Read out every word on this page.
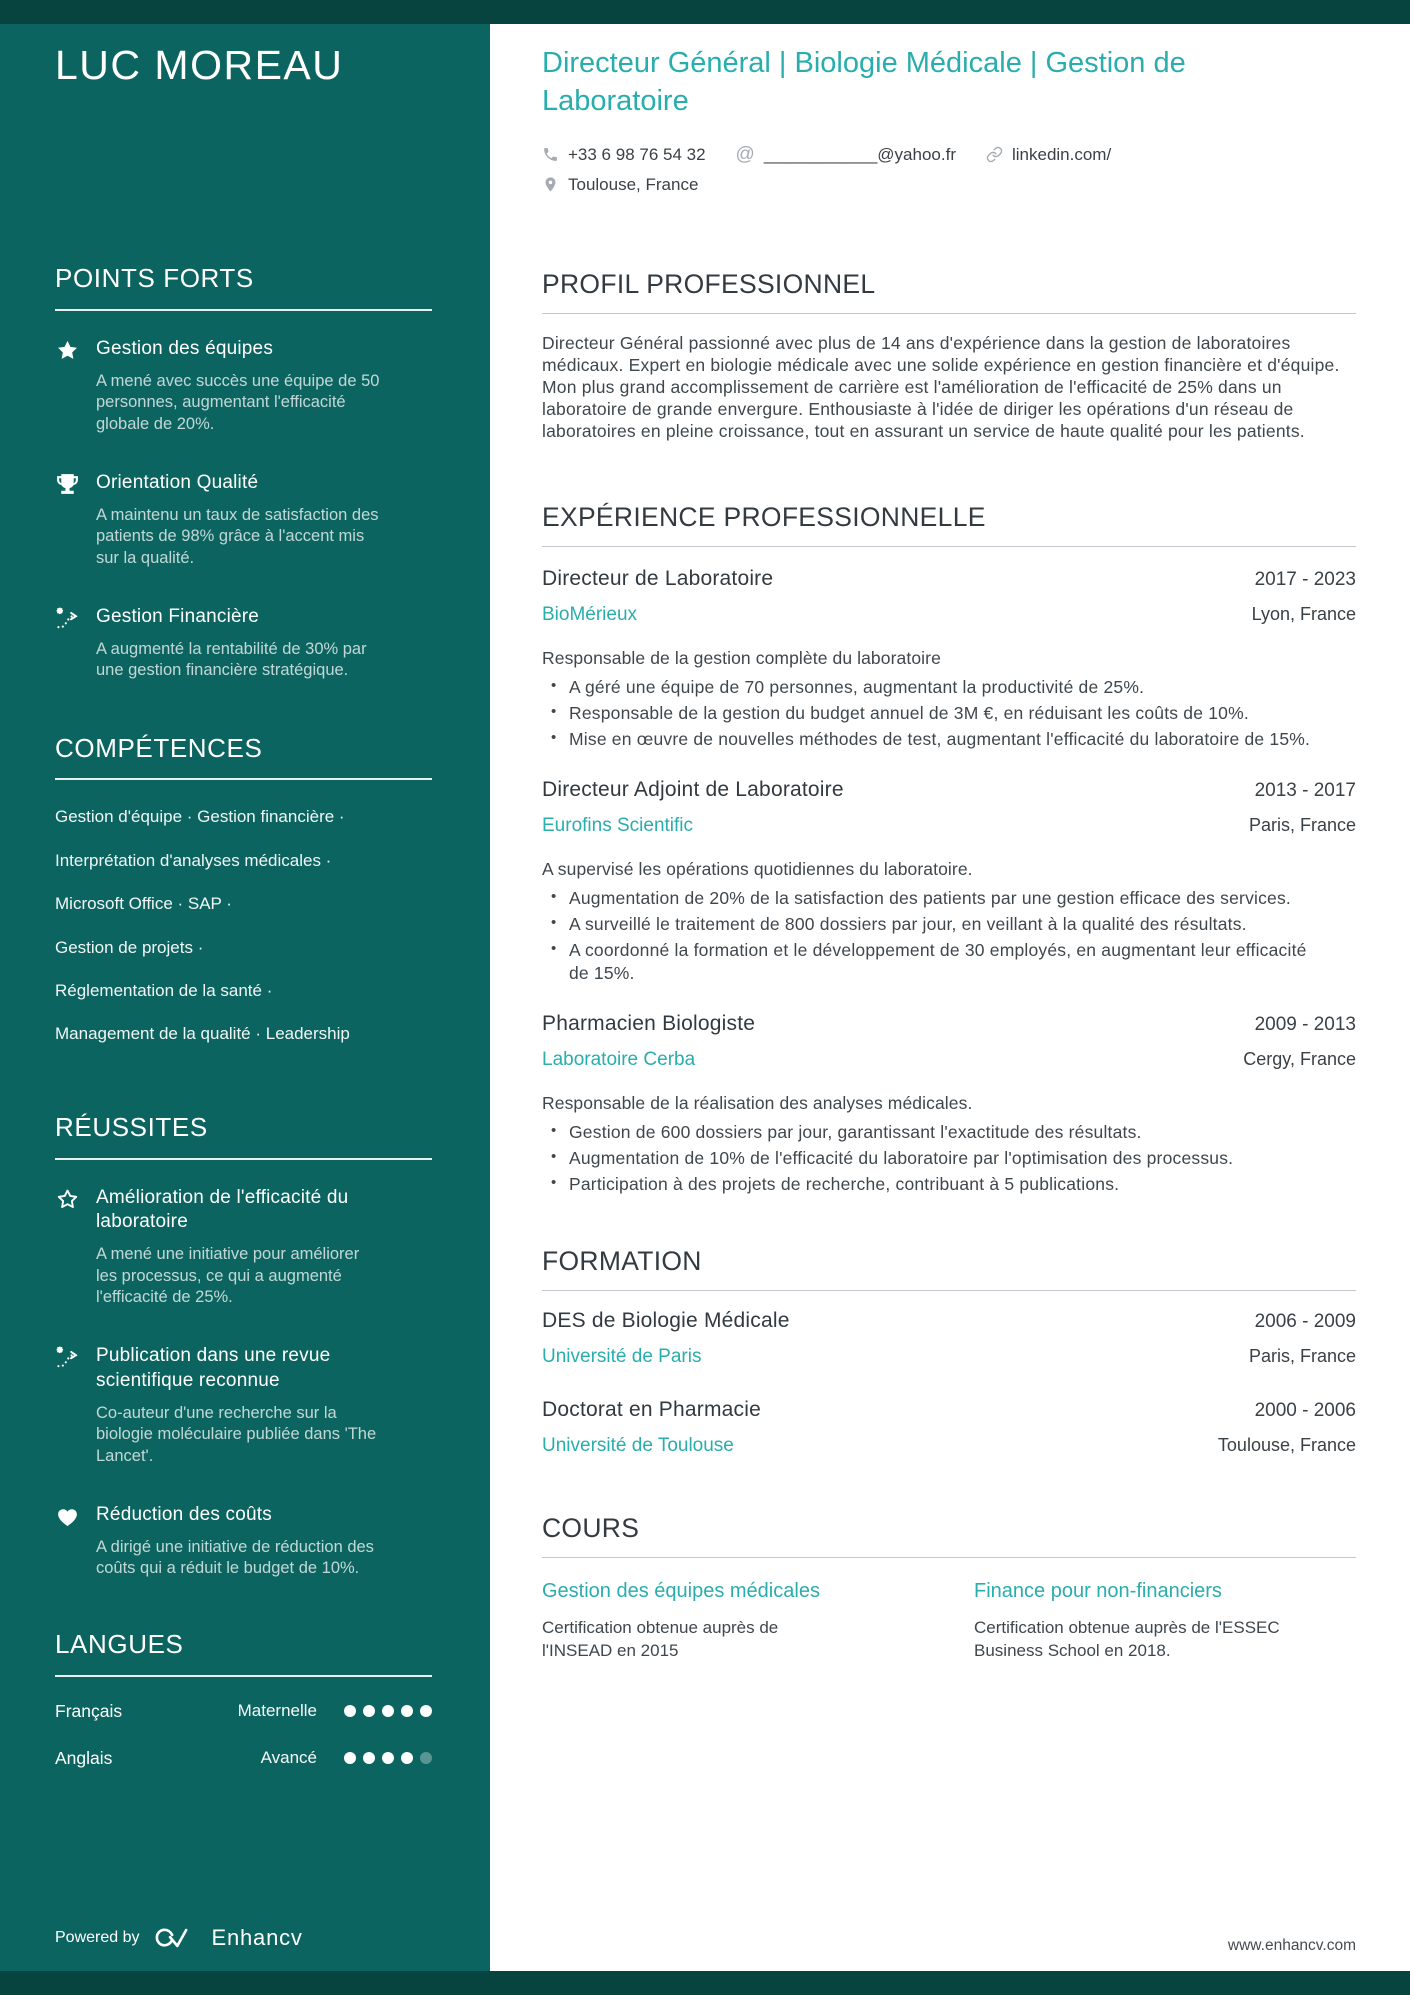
LUC MOREAU
POINTS FORTS
Gestion des équipes
A mené avec succès une équipe de 50 personnes, augmentant l'efficacité globale de 20%.
Orientation Qualité
A maintenu un taux de satisfaction des patients de 98% grâce à l'accent mis sur la qualité.
Gestion Financière
A augmenté la rentabilité de 30% par une gestion financière stratégique.
COMPÉTENCES
Gestion d'équipe · Gestion financière ·
Interprétation d'analyses médicales ·
Microsoft Office · SAP ·
Gestion de projets ·
Réglementation de la santé ·
Management de la qualité · Leadership
RÉUSSITES
Amélioration de l'efficacité du laboratoire
A mené une initiative pour améliorer les processus, ce qui a augmenté l'efficacité de 25%.
Publication dans une revue scientifique reconnue
Co-auteur d'une recherche sur la biologie moléculaire publiée dans 'The Lancet'.
Réduction des coûts
A dirigé une initiative de réduction des coûts qui a réduit le budget de 10%.
LANGUES
Français	Maternelle
Anglais	Avancé
Powered by	Enhancv
Directeur Général | Biologie Médicale | Gestion de Laboratoire
+33 6 98 76 54 32 @ ____________@yahoo.fr	linkedin.com/
Toulouse, France
PROFIL PROFESSIONNEL

Directeur Général passionné avec plus de 14 ans d'expérience dans la gestion de laboratoires médicaux. Expert en biologie médicale avec une solide expérience en gestion financière et d'équipe. Mon plus grand accomplissement de carrière est l'amélioration de l'efficacité de 25% dans un laboratoire de grande envergure. Enthousiaste à l'idée de diriger les opérations d'un réseau de laboratoires en pleine croissance, tout en assurant un service de haute qualité pour les patients.

EXPÉRIENCE PROFESSIONNELLE
Directeur de Laboratoire	2017 - 2023
BioMérieux	Lyon, France
Responsable de la gestion complète du laboratoire
• A géré une équipe de 70 personnes, augmentant la productivité de 25%.
• Responsable de la gestion du budget annuel de 3M €, en réduisant les coûts de 10%.
• Mise en œuvre de nouvelles méthodes de test, augmentant l'efficacité du laboratoire de 15%.
Directeur Adjoint de Laboratoire	2013 - 2017
Eurofins Scientific	Paris, France
A supervisé les opérations quotidiennes du laboratoire.
• Augmentation de 20% de la satisfaction des patients par une gestion efficace des services.
• A surveillé le traitement de 800 dossiers par jour, en veillant à la qualité des résultats.
• A coordonné la formation et le développement de 30 employés, en augmentant leur efficacité de 15%.
Pharmacien Biologiste	2009 - 2013
Laboratoire Cerba	Cergy, France
Responsable de la réalisation des analyses médicales.
• Gestion de 600 dossiers par jour, garantissant l'exactitude des résultats.
• Augmentation de 10% de l'efficacité du laboratoire par l'optimisation des processus.
• Participation à des projets de recherche, contribuant à 5 publications.
FORMATION
DES de Biologie Médicale	2006 - 2009
Université de Paris	Paris, France
Doctorat en Pharmacie	2000 - 2006
Université de Toulouse	Toulouse, France
COURS
Gestion des équipes médicales
Certification obtenue auprès de l'INSEAD en 2015
Finance pour non-financiers
Certification obtenue auprès de l'ESSEC Business School en 2018.
www.enhancv.com
